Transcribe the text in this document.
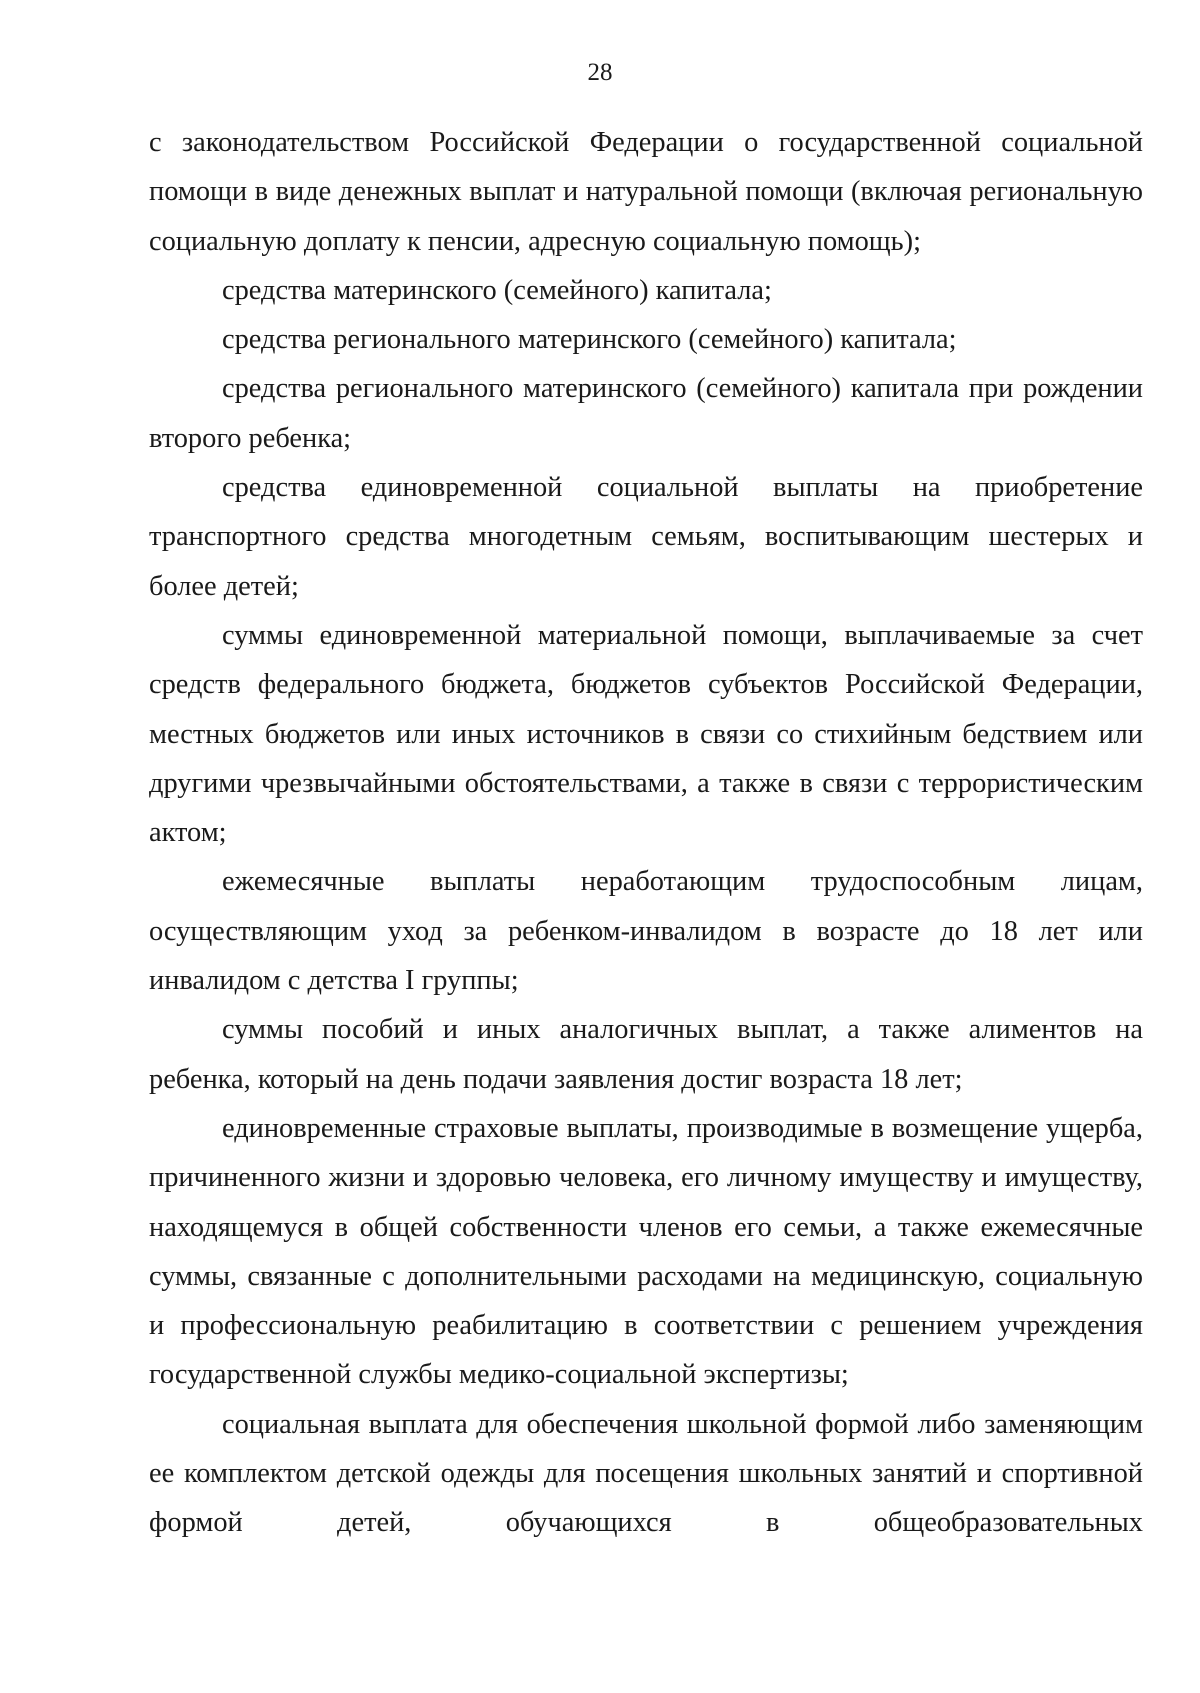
28

с законодательством Российской Федерации о государственной социальной помощи в виде денежных выплат и натуральной помощи (включая региональную социальную доплату к пенсии, адресную социальную помощь);

средства материнского (семейного) капитала;

средства регионального материнского (семейного) капитала;

средства регионального материнского (семейного) капитала при рождении второго ребенка;

средства единовременной социальной выплаты на приобретение транспортного средства многодетным семьям, воспитывающим шестерых и более детей;

суммы единовременной материальной помощи, выплачиваемые за счет средств федерального бюджета, бюджетов субъектов Российской Федерации, местных бюджетов или иных источников в связи со стихийным бедствием или другими чрезвычайными обстоятельствами, а также в связи с террористическим актом;

ежемесячные выплаты неработающим трудоспособным лицам, осуществляющим уход за ребенком-инвалидом в возрасте до 18 лет или инвалидом с детства I группы;

суммы пособий и иных аналогичных выплат, а также алиментов на ребенка, который на день подачи заявления достиг возраста 18 лет;

единовременные страховые выплаты, производимые в возмещение ущерба, причиненного жизни и здоровью человека, его личному имуществу и имуществу, находящемуся в общей собственности членов его семьи, а также ежемесячные суммы, связанные с дополнительными расходами на медицинскую, социальную и профессиональную реабилитацию в соответствии с решением учреждения государственной службы медико-социальной экспертизы;

социальная выплата для обеспечения школьной формой либо заменяющим ее комплектом детской одежды для посещения школьных занятий и спортивной формой детей, обучающихся в общеобразовательных
